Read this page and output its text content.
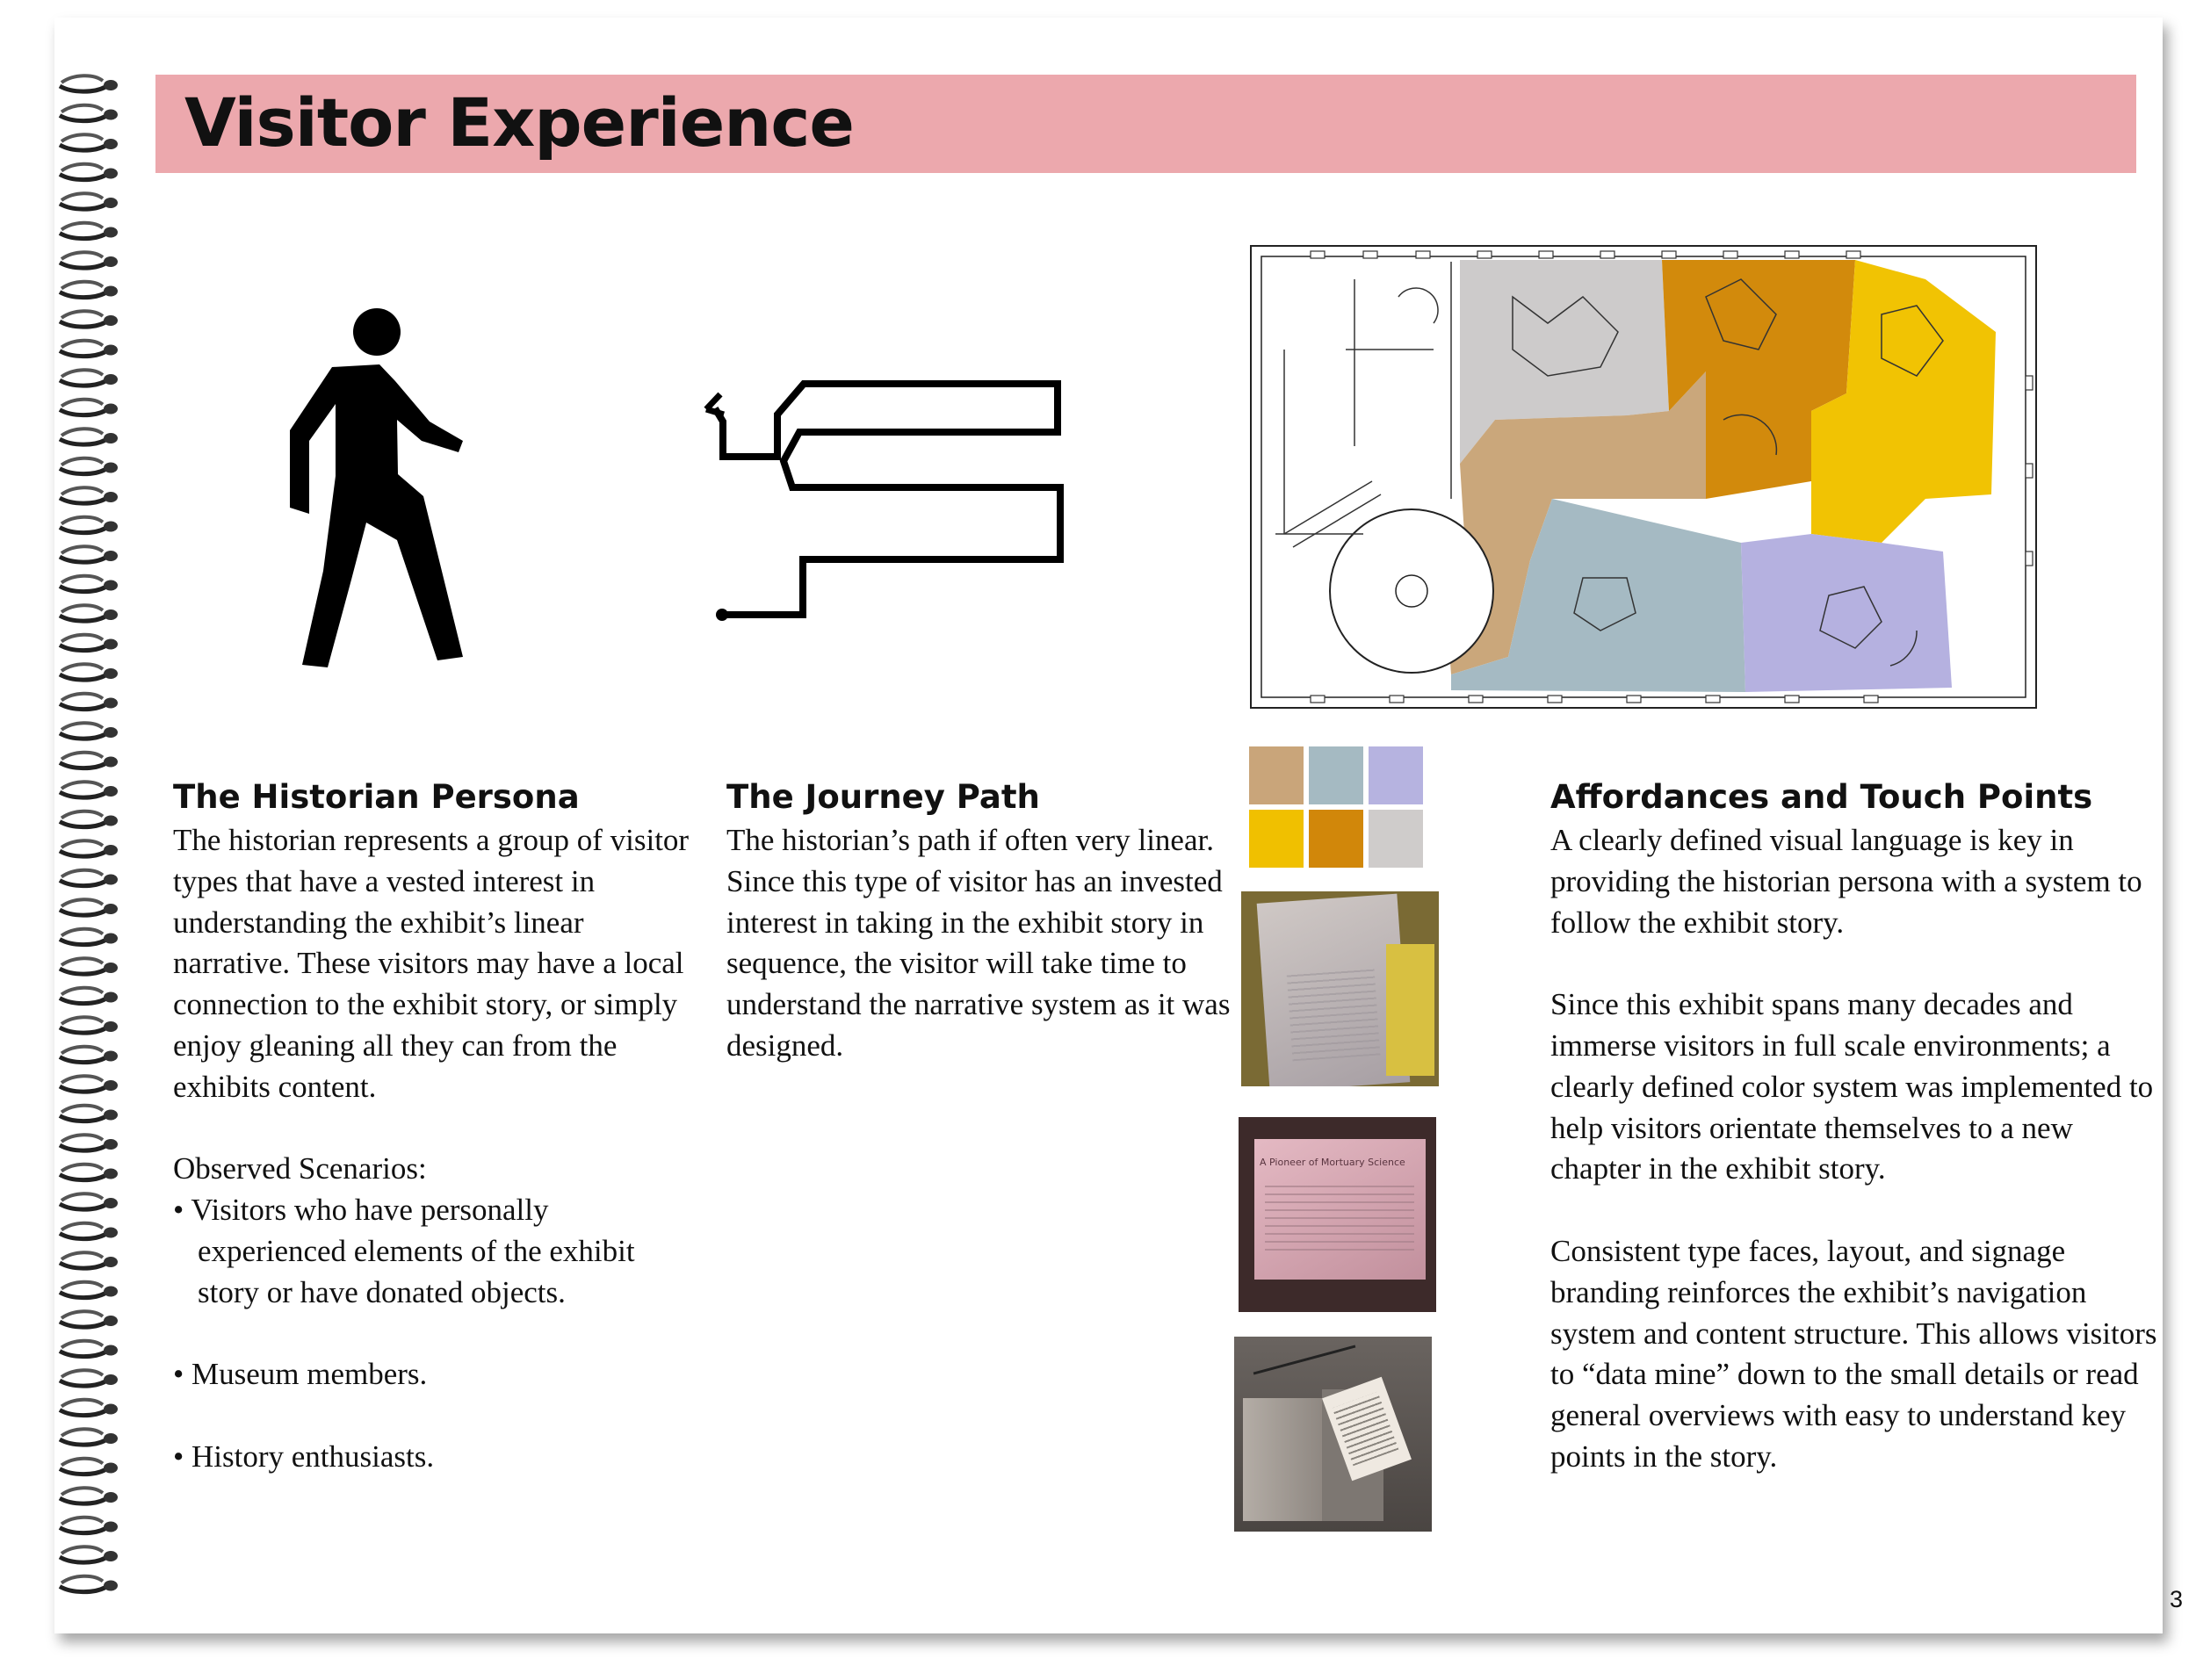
Visitor Experience
A Pioneer of Mortuary Science
The Historian Persona

The historian represents a group of visitor types that have a vested interest in understanding the exhibit’s linear narrative. These visitors may have a local connection to the exhibit story, or simply enjoy gleaning all they can from the exhibits content.

Observed Scenarios:

• Visitors who have personally experienced elements of the exhibit story or have donated objects.
• Museum members.
• History enthusiasts.
The Journey Path

The historian’s path if often very linear. Since this type of visitor has an invested interest in taking in the exhibit story in sequence, the visitor will take time to understand the narrative system as it was designed.

Affordances and Touch Points

A clearly defined visual language is key in providing the historian persona with a system to follow the exhibit story.

Since this exhibit spans many decades and immerse visitors in full scale environments; a clearly defined color system was implemented to help visitors orientate themselves to a new chapter in the exhibit story.

Consistent type faces, layout, and signage branding reinforces the exhibit’s navigation system and content structure. This allows visitors to “data mine” down to the small details or read general overviews with easy to understand key points in the story.

3
